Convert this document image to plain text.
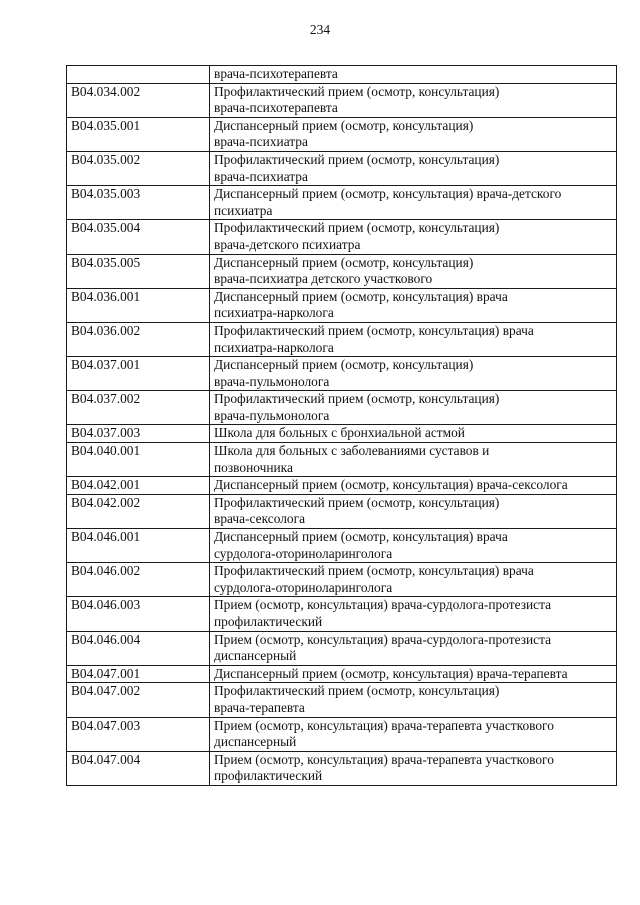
234
	врача-психотерапевта
B04.034.002	Профилактический прием (осмотр, консультация)
врача-психотерапевта
B04.035.001	Диспансерный прием (осмотр, консультация)
врача-психиатра
B04.035.002	Профилактический прием (осмотр, консультация)
врача-психиатра
B04.035.003	Диспансерный прием (осмотр, консультация) врача-детского
психиатра
B04.035.004	Профилактический прием (осмотр, консультация)
врача-детского психиатра
B04.035.005	Диспансерный прием (осмотр, консультация)
врача-психиатра детского участкового
B04.036.001	Диспансерный прием (осмотр, консультация) врача
психиатра-нарколога
B04.036.002	Профилактический прием (осмотр, консультация) врача
психиатра-нарколога
B04.037.001	Диспансерный прием (осмотр, консультация)
врача-пульмонолога
B04.037.002	Профилактический прием (осмотр, консультация)
врача-пульмонолога
B04.037.003	Школа для больных с бронхиальной астмой
B04.040.001	Школа для больных с заболеваниями суставов и
позвоночника
B04.042.001	Диспансерный прием (осмотр, консультация) врача-сексолога
B04.042.002	Профилактический прием (осмотр, консультация)
врача-сексолога
B04.046.001	Диспансерный прием (осмотр, консультация) врача
сурдолога-оториноларинголога
B04.046.002	Профилактический прием (осмотр, консультация) врача
сурдолога-оториноларинголога
B04.046.003	Прием (осмотр, консультация) врача-сурдолога-протезиста
профилактический
B04.046.004	Прием (осмотр, консультация) врача-сурдолога-протезиста
диспансерный
B04.047.001	Диспансерный прием (осмотр, консультация) врача-терапевта
B04.047.002	Профилактический прием (осмотр, консультация)
врача-терапевта
B04.047.003	Прием (осмотр, консультация) врача-терапевта участкового
диспансерный
B04.047.004	Прием (осмотр, консультация) врача-терапевта участкового
профилактический
